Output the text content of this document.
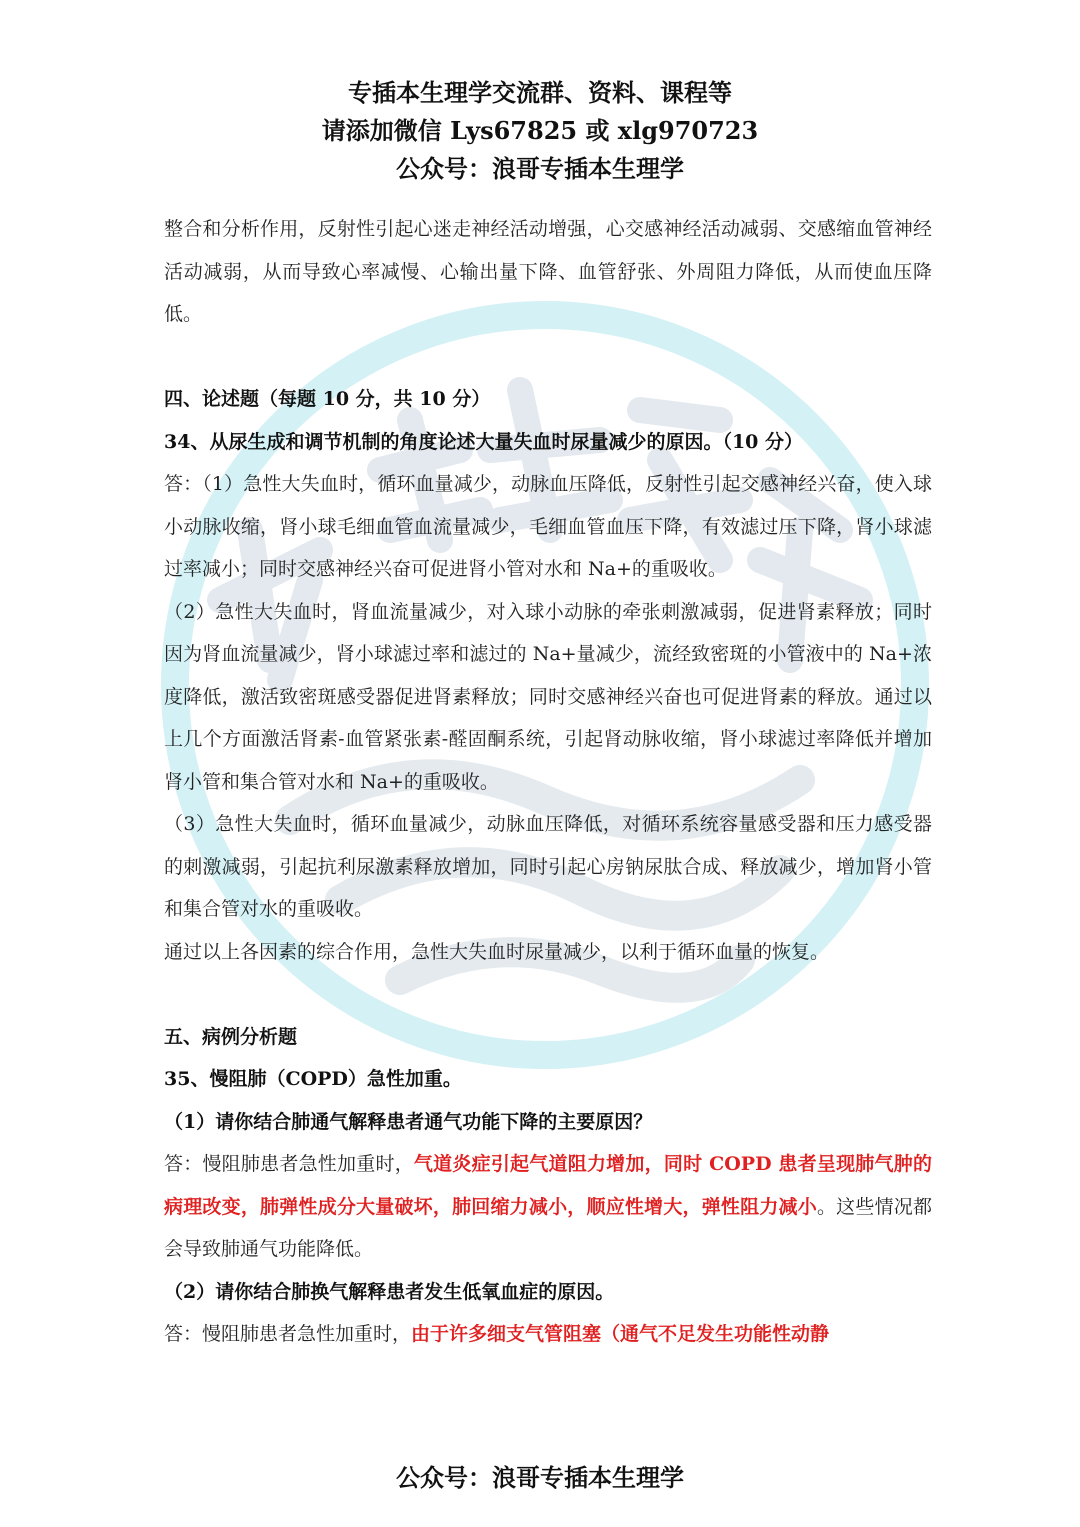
专插本生理学交流群、资料、课程等
请添加微信 Lys67825 或 xlg970723
公众号：浪哥专插本生理学

整合和分析作用，反射性引起心迷走神经活动增强，心交感神经活动减弱、交感缩血管神经活动减弱，从而导致心率减慢、心输出量下降、血管舒张、外周阻力降低，从而使血压降低。

四、论述题（每题 10 分，共 10 分）

34、从尿生成和调节机制的角度论述大量失血时尿量减少的原因。（10 分）

答：（1）急性大失血时，循环血量减少，动脉血压降低，反射性引起交感神经兴奋，使入球小动脉收缩，肾小球毛细血管血流量减少，毛细血管血压下降，有效滤过压下降，肾小球滤过率减小；同时交感神经兴奋可促进肾小管对水和 Na+的重吸收。

（2）急性大失血时，肾血流量减少，对入球小动脉的牵张刺激减弱，促进肾素释放；同时因为肾血流量减少，肾小球滤过率和滤过的 Na+量减少，流经致密斑的小管液中的 Na+浓度降低，激活致密斑感受器促进肾素释放；同时交感神经兴奋也可促进肾素的释放。通过以上几个方面激活肾素-血管紧张素-醛固酮系统，引起肾动脉收缩，肾小球滤过率降低并增加肾小管和集合管对水和 Na+的重吸收。

（3）急性大失血时，循环血量减少，动脉血压降低，对循环系统容量感受器和压力感受器的刺激减弱，引起抗利尿激素释放增加，同时引起心房钠尿肽合成、释放减少，增加肾小管和集合管对水的重吸收。

通过以上各因素的综合作用，急性大失血时尿量减少，以利于循环血量的恢复。

五、病例分析题

35、慢阻肺（COPD）急性加重。

（1）请你结合肺通气解释患者通气功能下降的主要原因？

答：慢阻肺患者急性加重时，气道炎症引起气道阻力增加，同时 COPD 患者呈现肺气肿的病理改变，肺弹性成分大量破坏，肺回缩力减小，顺应性增大，弹性阻力减小。这些情况都会导致肺通气功能降低。

（2）请你结合肺换气解释患者发生低氧血症的原因。

答：慢阻肺患者急性加重时，由于许多细支气管阻塞（通气不足发生功能性动静

公众号：浪哥专插本生理学
